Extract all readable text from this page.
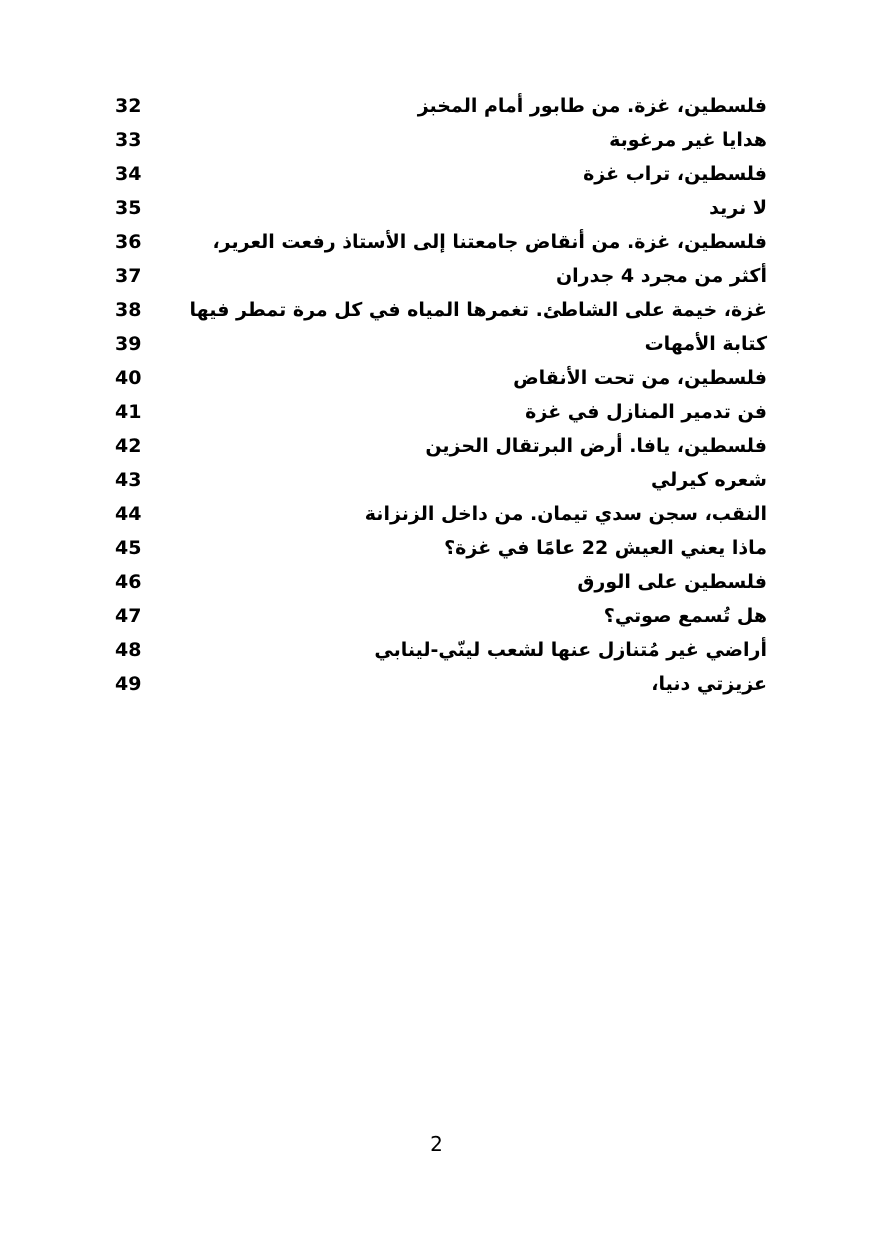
32	فلسطين، غزة. من طابور أمام المخبز
33	هدايا غير مرغوبة
34	فلسطين، تراب غزة
35	لا نريد
36	فلسطين، غزة. من أنقاض جامعتنا إلى الأستاذ رفعت العرير،
37	أكثر من مجرد 4 جدران
38	غزة، خيمة على الشاطئ. تغمرها المياه في كل مرة تمطر فيها
39	كتابة الأمهات
40	فلسطين، من تحت الأنقاض
41	فن تدمير المنازل في غزة
42	فلسطين، يافا. أرض البرتقال الحزين
43	شعره كيرلي
44	النقب، سجن سدي تيمان. من داخل الزنزانة
45	ماذا يعني العيش 22 عامًا في غزة؟
46	فلسطين على الورق
47	هل تُسمع صوتي؟
48	أراضي غير مُتنازل عنها لشعب لينّي-لينابي
49	عزيزتي دنيا،
2
